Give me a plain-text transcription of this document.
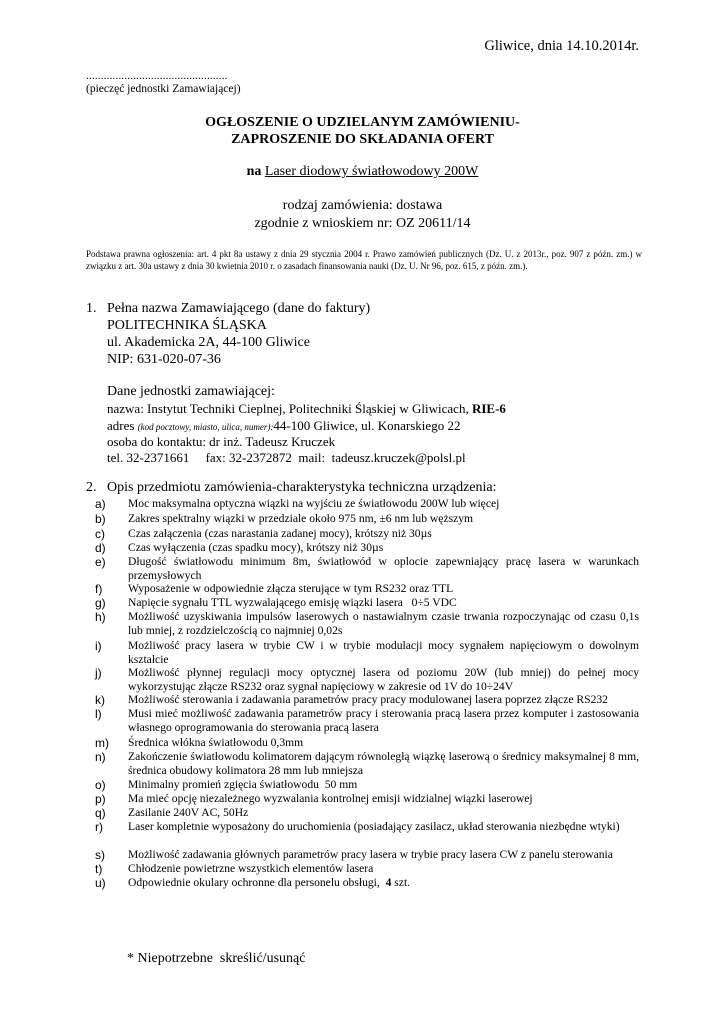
Gliwice, dnia 14.10.2014r.
................................................
(pieczęć jednostki Zamawiającej)
OGŁOSZENIE O UDZIELANYM ZAMÓWIENIU-
ZAPROSZENIE DO SKŁADANIA OFERT
na Laser diodowy światłowodowy 200W
rodzaj zamówienia: dostawa
zgodnie z wnioskiem nr: OZ 20611/14
Podstawa prawna ogłoszenia: art. 4 pkt 8a ustawy z dnia 29 stycznia 2004 r. Prawo zamówień publicznych (Dz. U. z 2013r., poz. 907 z późn. zm.) w związku z art. 30a ustawy z dnia 30 kwietnia 2010 r. o zasadach finansowania nauki (Dz. U. Nr 96, poz. 615, z późn. zm.).
1. Pełna nazwa Zamawiającego (dane do faktury)
POLITECHNIKA ŚLĄSKA
ul. Akademicka 2A, 44-100 Gliwice
NIP: 631-020-07-36
Dane jednostki zamawiającej:
nazwa: Instytut Techniki Cieplnej, Politechniki Śląskiej w Gliwicach, RIE-6
adres (kod pocztowy, miasto, ulica, numer):44-100 Gliwice, ul. Konarskiego 22
osoba do kontaktu: dr inż. Tadeusz Kruczek
tel. 32-2371661     fax: 32-2372872  mail:  tadeusz.kruczek@polsl.pl
2. Opis przedmiotu zamówienia-charakterystyka techniczna urządzenia:
a) Moc maksymalna optyczna wiązki na wyjściu ze światłowodu 200W lub więcej
b) Zakres spektralny wiązki w przedziale około 975 nm, ±6 nm lub węższym
c) Czas załączenia (czas narastania zadanej mocy), krótszy niż 30µs
d) Czas wyłączenia (czas spadku mocy), krótszy niż 30µs
e) Długość światłowodu minimum 8m, światłowód w oplocie zapewniający pracę lasera w warunkach przemysłowych
f) Wyposażenie w odpowiednie złącza sterujące w tym RS232 oraz TTL
g) Napięcie sygnału TTL wyzwalającego emisję wiązki lasera   0÷5 VDC
h) Możliwość uzyskiwania impulsów laserowych o nastawialnym czasie trwania rozpoczynając od czasu 0,1s lub mniej, z rozdzielczością co najmniej 0,02s
i) Możliwość pracy lasera w trybie CW i w trybie modulacji mocy sygnałem napięciowym o dowolnym kształcie
j) Możliwość płynnej regulacji mocy optycznej lasera od poziomu 20W (lub mniej) do pełnej mocy wykorzystując złącze RS232 oraz sygnał napięciowy w zakresie od 1V do 10÷24V
k) Możliwość sterowania i zadawania parametrów pracy pracy modulowanej lasera poprzez złącze RS232
l) Musi mieć możliwość zadawania parametrów pracy i sterowania pracą lasera przez komputer i zastosowania własnego oprogramowania do sterowania pracą lasera
m) Średnica włókna światłowodu 0,3mm
n) Zakończenie światłowodu kolimatorem dającym równoległą wiązkę laserową o średnicy maksymalnej 8 mm, średnica obudowy kolimatora 28 mm lub mniejsza
o) Minimalny promień zgięcia światłowodu  50 mm
p) Ma mieć opcję niezależnego wyzwalania kontrolnej emisji widzialnej wiązki laserowej
q) Zasilanie 240V AC, 50Hz
r) Laser kompletnie wyposażony do uruchomienia (posiadający zasilacz, układ sterowania niezbędne wtyki)
s) Możliwość zadawania głównych parametrów pracy lasera w trybie pracy lasera CW z panelu sterowania
t) Chłodzenie powietrzne wszystkich elementów lasera
u) Odpowiednie okulary ochronne dla personelu obsługi,  4 szt.
* Niepotrzebne  skreślić/usunąć
